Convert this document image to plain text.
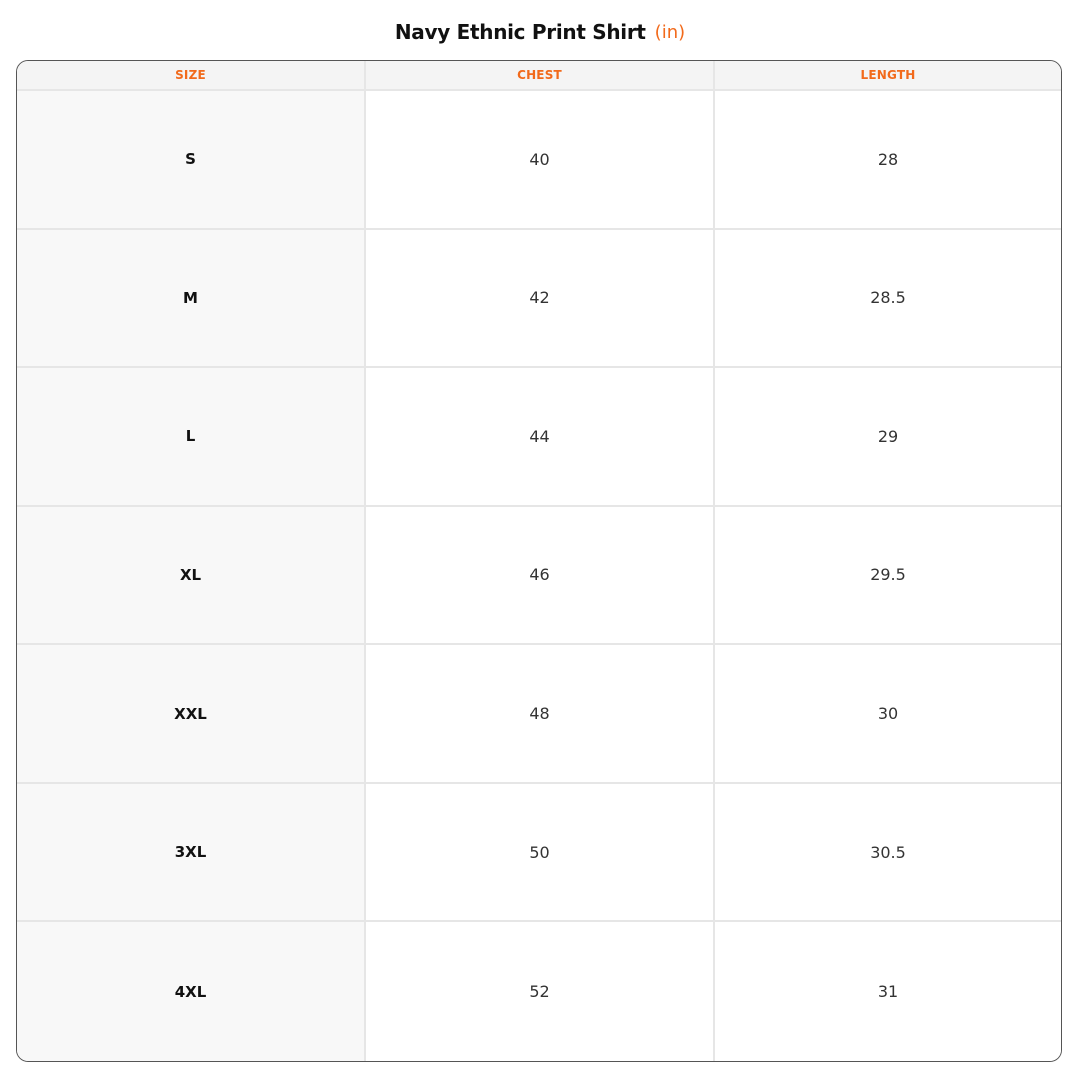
Navy Ethnic Print Shirt (in)
SIZE	CHEST	LENGTH
S	40	28
M	42	28.5
L	44	29
XL	46	29.5
XXL	48	30
3XL	50	30.5
4XL	52	31
